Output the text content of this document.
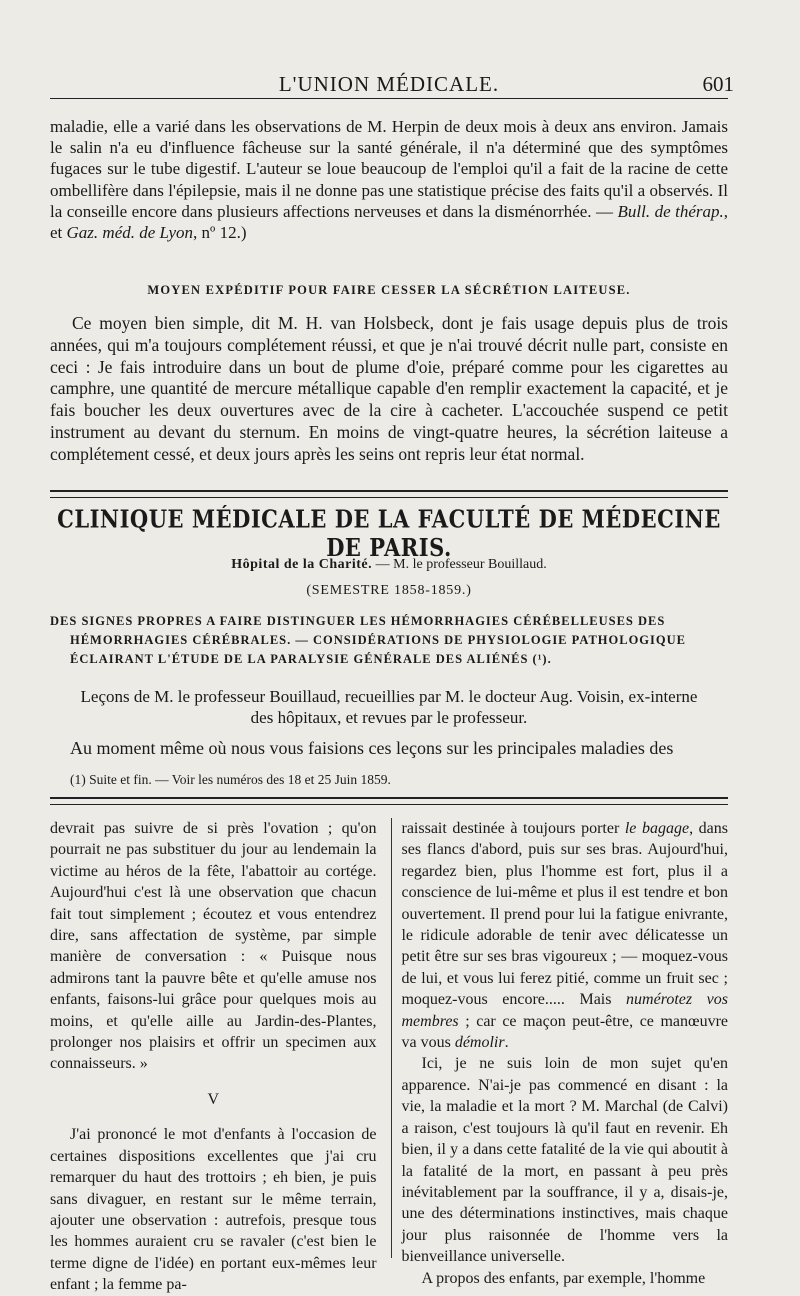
L'UNION MÉDICALE.	601

maladie, elle a varié dans les observations de M. Herpin de deux mois à deux ans environ. Jamais le salin n'a eu d'influence fâcheuse sur la santé générale, il n'a déterminé que des symptômes fugaces sur le tube digestif. L'auteur se loue beaucoup de l'emploi qu'il a fait de la racine de cette ombellifère dans l'épilepsie, mais il ne donne pas une statistique précise des faits qu'il a observés. Il la conseille encore dans plusieurs affections nerveuses et dans la disménorrhée. — Bull. de thérap., et Gaz. méd. de Lyon, nº 12.)

MOYEN EXPÉDITIF POUR FAIRE CESSER LA SÉCRÉTION LAITEUSE.

Ce moyen bien simple, dit M. H. van Holsbeck, dont je fais usage depuis plus de trois années, qui m'a toujours complétement réussi, et que je n'ai trouvé décrit nulle part, consiste en ceci : Je fais introduire dans un bout de plume d'oie, préparé comme pour les cigarettes au camphre, une quantité de mercure métallique capable d'en remplir exactement la capacité, et je fais boucher les deux ouvertures avec de la cire à cacheter. L'accouchée suspend ce petit instrument au devant du sternum. En moins de vingt-quatre heures, la sécrétion laiteuse a complétement cessé, et deux jours après les seins ont repris leur état normal.

CLINIQUE MÉDICALE DE LA FACULTÉ DE MÉDECINE DE PARIS.
Hôpital de la Charité. — M. le professeur Bouillaud.
(SEMESTRE 1858-1859.)
DES SIGNES PROPRES A FAIRE DISTINGUER LES HÉMORRHAGIES CÉRÉBELLEUSES DES
HÉMORRHAGIES CÉRÉBRALES. — CONSIDÉRATIONS DE PHYSIOLOGIE PATHOLOGIQUE
ÉCLAIRANT L'ÉTUDE DE LA PARALYSIE GÉNÉRALE DES ALIÉNÉS (¹).

Leçons de M. le professeur Bouillaud, recueillies par M. le docteur Aug. Voisin, ex-interne

des hôpitaux, et revues par le professeur.

Au moment même où nous vous faisions ces leçons sur les principales maladies des
(1) Suite et fin. — Voir les numéros des 18 et 25 Juin 1859.

devrait pas suivre de si près l'ovation ; qu'on pourrait ne pas substituer du jour au lendemain la victime au héros de la fête, l'abattoir au cortége. Aujourd'hui c'est là une observation que chacun fait tout simplement ; écoutez et vous entendrez dire, sans affectation de système, par simple manière de conversation : « Puisque nous admirons tant la pauvre bête et qu'elle amuse nos enfants, faisons-lui grâce pour quelques mois au moins, et qu'elle aille au Jardin-des-Plantes, prolonger nos plaisirs et offrir un specimen aux connaisseurs. »

V

J'ai prononcé le mot d'enfants à l'occasion de certaines dispositions excellentes que j'ai cru remarquer du haut des trottoirs ; eh bien, je puis sans divaguer, en restant sur le même terrain, ajouter une observation : autrefois, presque tous les hommes auraient cru se ravaler (c'est bien le terme digne de l'idée) en portant eux-mêmes leur enfant ; la femme pa-

raissait destinée à toujours porter le bagage, dans ses flancs d'abord, puis sur ses bras. Aujourd'hui, regardez bien, plus l'homme est fort, plus il a conscience de lui-même et plus il est tendre et bon ouvertement. Il prend pour lui la fatigue enivrante, le ridicule adorable de tenir avec délicatesse un petit être sur ses bras vigoureux ; — moquez-vous de lui, et vous lui ferez pitié, comme un fruit sec ; moquez-vous encore..... Mais numérotez vos membres ; car ce maçon peut-être, ce manœuvre va vous démolir.

Ici, je ne suis loin de mon sujet qu'en apparence. N'ai-je pas commencé en disant : la vie, la maladie et la mort ? M. Marchal (de Calvi) a raison, c'est toujours là qu'il faut en revenir. Eh bien, il y a dans cette fatalité de la vie qui aboutit à la fatalité de la mort, en passant à peu près inévitablement par la souffrance, il y a, disais-je, une des déterminations instinctives, mais chaque jour plus raisonnée de l'homme vers la bienveillance universelle.

A propos des enfants, par exemple, l'homme
